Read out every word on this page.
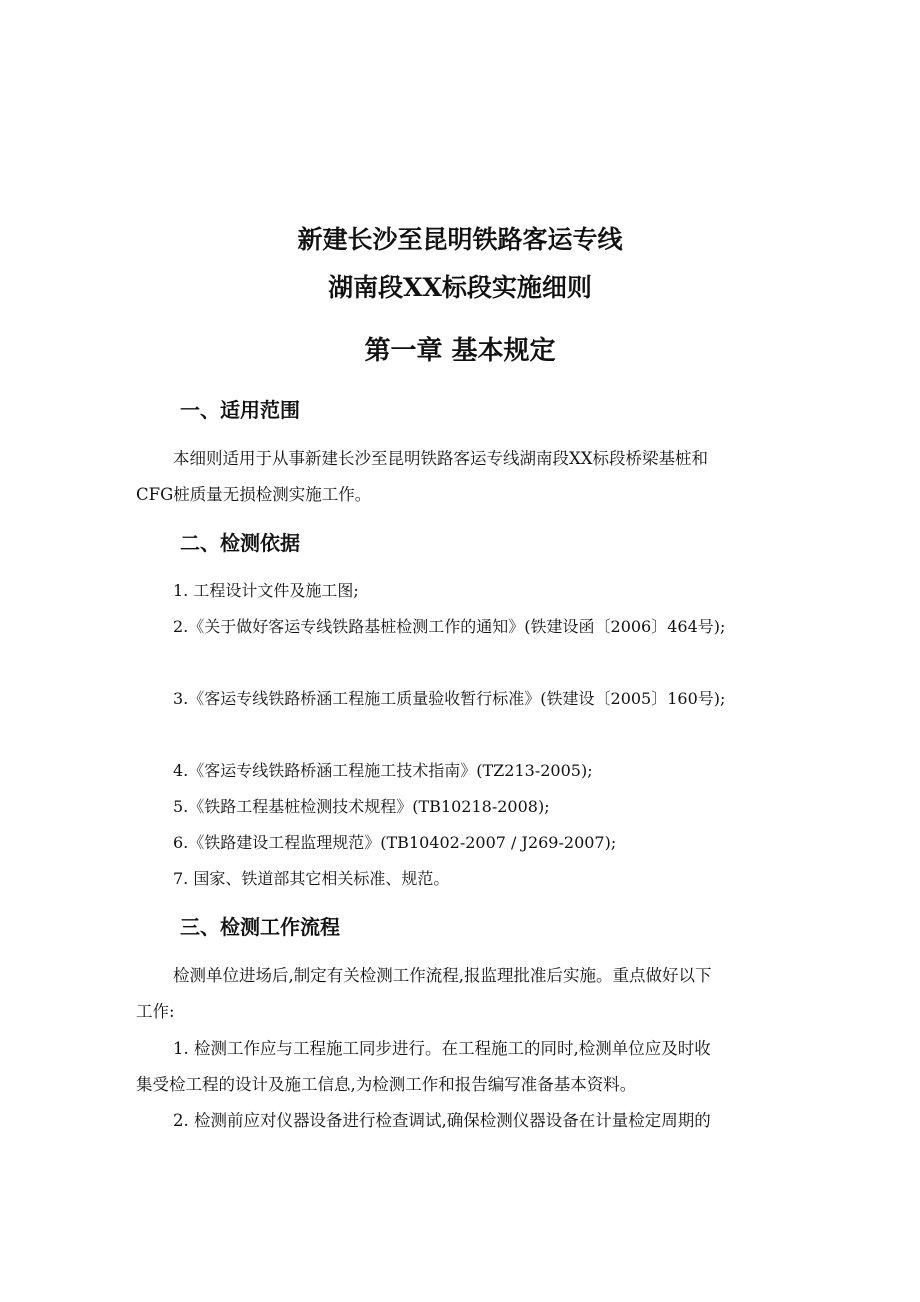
新建长沙至昆明铁路客运专线
湖南段XX标段实施细则
第一章 基本规定
一、适用范围
本细则适用于从事新建长沙至昆明铁路客运专线湖南段XX标段桥梁基桩和
CFG桩质量无损检测实施工作。
二、检测依据
1. 工程设计文件及施工图;
2.《关于做好客运专线铁路基桩检测工作的通知》(铁建设函〔2006〕464号);
3.《客运专线铁路桥涵工程施工质量验收暂行标准》(铁建设〔2005〕160号);
4.《客运专线铁路桥涵工程施工技术指南》(TZ213-2005);
5.《铁路工程基桩检测技术规程》(TB10218-2008);
6.《铁路建设工程监理规范》(TB10402-2007 / J269-2007);
7. 国家、铁道部其它相关标准、规范。
三、检测工作流程
检测单位进场后,制定有关检测工作流程,报监理批准后实施。重点做好以下
工作:
1. 检测工作应与工程施工同步进行。在工程施工的同时,检测单位应及时收
集受检工程的设计及施工信息,为检测工作和报告编写准备基本资料。
2. 检测前应对仪器设备进行检查调试,确保检测仪器设备在计量检定周期的
